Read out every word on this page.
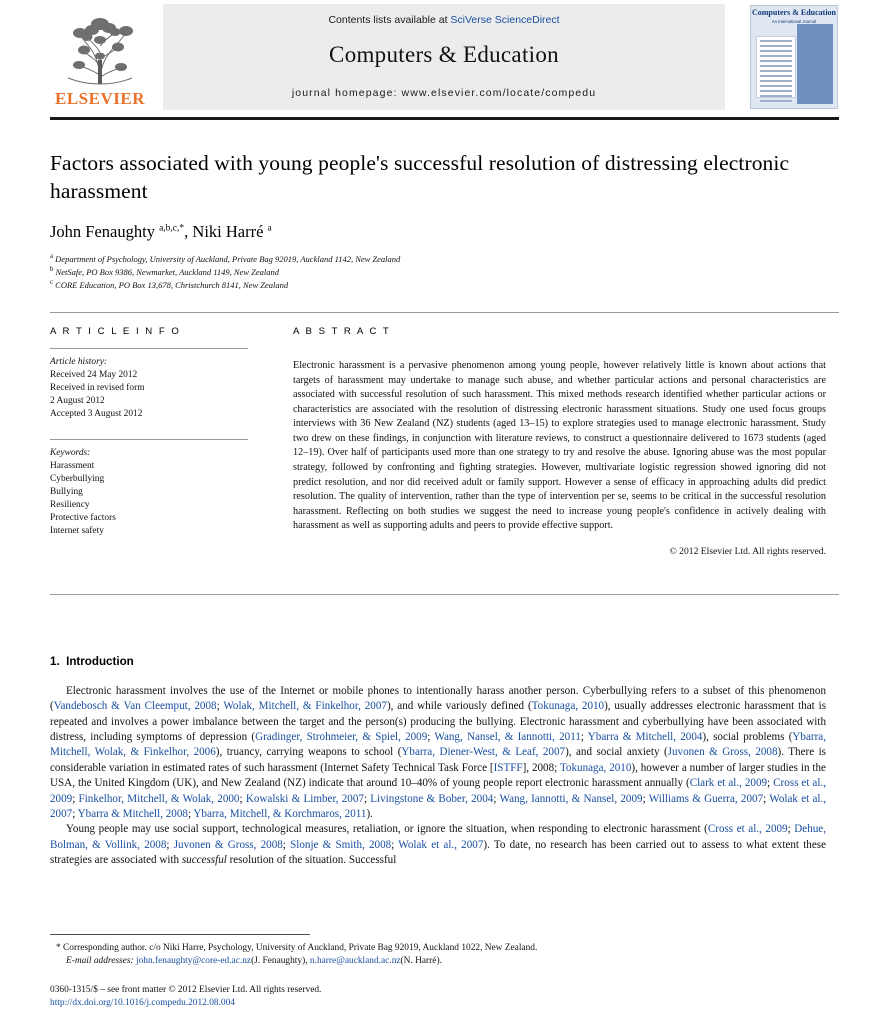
ELSEVIER
Contents lists available at SciVerse ScienceDirect
Computers & Education
journal homepage: www.elsevier.com/locate/compedu
Computers & Education
An International Journal
Factors associated with young people's successful resolution of distressing electronic harassment
John Fenaughty $^{a,b,c,*}$, Niki Harré $^a$
$^a$ Department of Psychology, University of Auckland, Private Bag 92019, Auckland 1142, New Zealand
$^b$ NetSafe, PO Box 9386, Newmarket, Auckland 1149, New Zealand
$^c$ CORE Education, PO Box 13,678, Christchurch 8141, New Zealand
A R T I C L E I N F O
Article history:
Received 24 May 2012
Received in revised form
2 August 2012
Accepted 3 August 2012
Keywords:
Harassment
Cyberbullying
Bullying
Resiliency
Protective factors
Internet safety
A B S T R A C T
Electronic harassment is a pervasive phenomenon among young people, however relatively little is known about actions that targets of harassment may undertake to manage such abuse, and whether particular actions and personal characteristics are associated with successful resolution of such harassment. This mixed methods research identified whether particular actions or characteristics are associated with the resolution of distressing electronic harassment situations. Study one used focus groups interviews with 36 New Zealand (NZ) students (aged 13–15) to explore strategies used to manage electronic harassment. Study two drew on these findings, in conjunction with literature reviews, to construct a questionnaire delivered to 1673 students (aged 12–19). Over half of participants used more than one strategy to try and resolve the abuse. Ignoring abuse was the most popular strategy, followed by confronting and fighting strategies. However, multivariate logistic regression showed ignoring did not predict resolution, and nor did received adult or family support. However a sense of efficacy in approaching adults did predict resolution. The quality of intervention, rather than the type of intervention per se, seems to be critical in the successful resolution harassment. Reflecting on both studies we suggest the need to increase young people's confidence in actively dealing with harassment as well as supporting adults and peers to provide effective support.
© 2012 Elsevier Ltd. All rights reserved.
1. Introduction

Electronic harassment involves the use of the Internet or mobile phones to intentionally harass another person. Cyberbullying refers to a subset of this phenomenon (Vandebosch & Van Cleemput, 2008; Wolak, Mitchell, & Finkelhor, 2007), and while variously defined (Tokunaga, 2010), usually addresses electronic harassment that is repeated and involves a power imbalance between the target and the person(s) producing the bullying. Electronic harassment and cyberbullying have been associated with distress, including symptoms of depression (Gradinger, Strohmeier, & Spiel, 2009; Wang, Nansel, & Iannotti, 2011; Ybarra & Mitchell, 2004), social problems (Ybarra, Mitchell, Wolak, & Finkelhor, 2006), truancy, carrying weapons to school (Ybarra, Diener-West, & Leaf, 2007), and social anxiety (Juvonen & Gross, 2008). There is considerable variation in estimated rates of such harassment (Internet Safety Technical Task Force [ISTFF], 2008; Tokunaga, 2010), however a number of larger studies in the USA, the United Kingdom (UK), and New Zealand (NZ) indicate that around 10–40% of young people report electronic harassment annually (Clark et al., 2009; Cross et al., 2009; Finkelhor, Mitchell, & Wolak, 2000; Kowalski & Limber, 2007; Livingstone & Bober, 2004; Wang, Iannotti, & Nansel, 2009; Williams & Guerra, 2007; Wolak et al., 2007; Ybarra & Mitchell, 2008; Ybarra, Mitchell, & Korchmaros, 2011).

Young people may use social support, technological measures, retaliation, or ignore the situation, when responding to electronic harassment (Cross et al., 2009; Dehue, Bolman, & Vollink, 2008; Juvonen & Gross, 2008; Slonje & Smith, 2008; Wolak et al., 2007). To date, no research has been carried out to assess to what extent these strategies are associated with successful resolution of the situation. Successful

* Corresponding author. c/o Niki Harre, Psychology, University of Auckland, Private Bag 92019, Auckland 1022, New Zealand.
E-mail addresses: john.fenaughty@core-ed.ac.nz(J. Fenaughty), n.harre@auckland.ac.nz(N. Harré).
0360-1315/$ – see front matter © 2012 Elsevier Ltd. All rights reserved.
http://dx.doi.org/10.1016/j.compedu.2012.08.004
